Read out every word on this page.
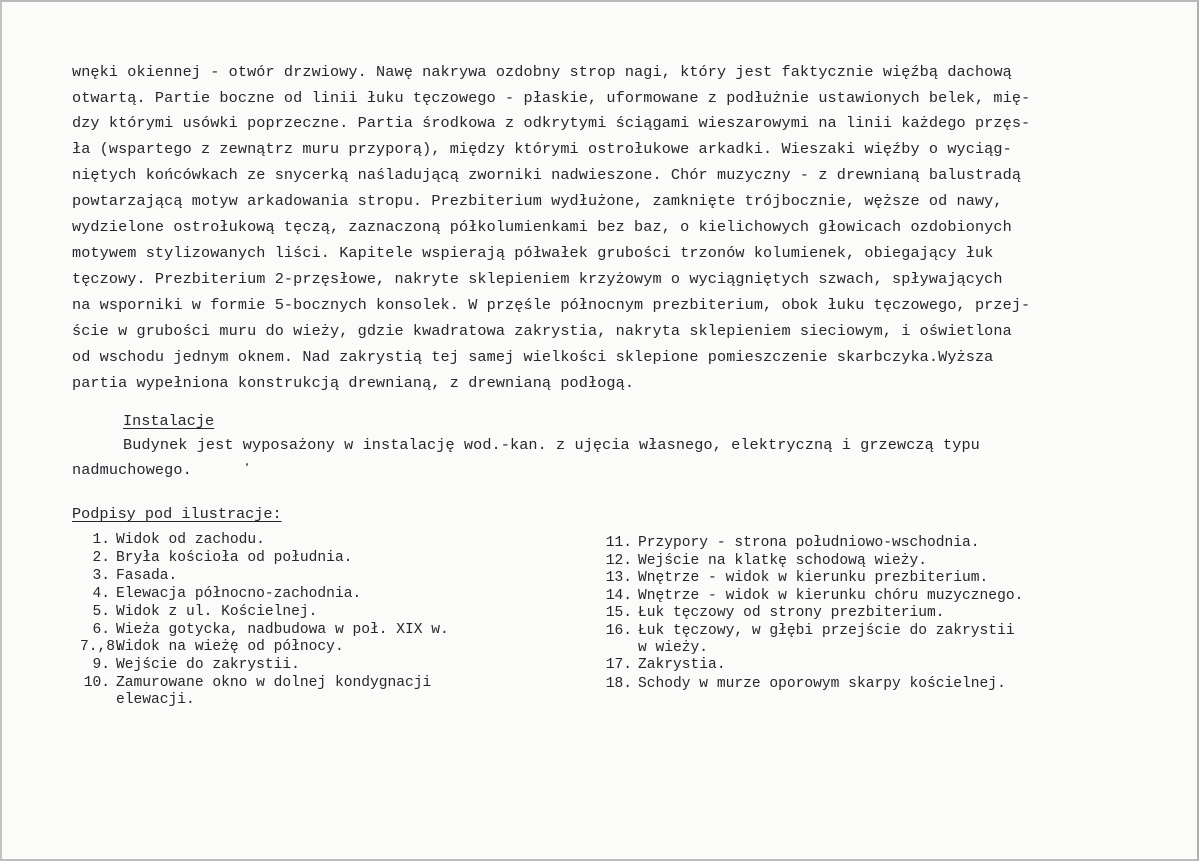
wnęki okiennej - otwór drzwiowy. Nawę nakrywa ozdobny strop nagi, który jest faktycznie więźbą dachową
otwartą. Partie boczne od linii łuku tęczowego - płaskie, uformowane z podłużnie ustawionych belek, mię-
dzy którymi usówki poprzeczne. Partia środkowa z odkrytymi ściągami wieszarowymi na linii każdego przęs-
ła (wspartego z zewnątrz muru przyporą), między którymi ostrołukowe arkadki. Wieszaki więźby o wyciąg-
niętych końcówkach ze snycerką naśladującą zworniki nadwieszone. Chór muzyczny - z drewnianą balustradą
powtarzającą motyw arkadowania stropu. Prezbiterium wydłużone, zamknięte trójbocznie, węższe od nawy,
wydzielone ostrołukową tęczą, zaznaczoną półkolumienkami bez baz, o kielichowych głowicach ozdobionych
motywem stylizowanych liści. Kapitele wspierają półwałek grubości trzonów kolumienek, obiegający łuk
tęczowy. Prezbiterium 2-przęsłowe, nakryte sklepieniem krzyżowym o wyciągniętych szwach, spływających
na wsporniki w formie 5-bocznych konsolek. W przęśle północnym prezbiterium, obok łuku tęczowego, przej-
ście w grubości muru do wieży, gdzie kwadratowa zakrystia, nakryta sklepieniem sieciowym, i oświetlona
od wschodu jednym oknem. Nad zakrystią tej samej wielkości sklepione pomieszczenie skarbczyka.Wyższa
partia wypełniona konstrukcją drewnianą, z drewnianą podłogą.
Instalacje
Budynek jest wyposażony w instalację wod.-kan. z ujęcia własnego, elektryczną i grzewczą typu
nadmuchowego.
Podpisy pod ilustracje:
1. Widok od zachodu.
2. Bryła kościoła od południa.
3. Fasada.
4. Elewacja północno-zachodnia.
5. Widok z ul. Kościelnej.
6. Wieża gotycka, nadbudowa w poł. XIX w.
7.,8.Widok na wieżę od północy.
9. Wejście do zakrystii.
10. Zamurowane okno w dolnej kondygnacji
elewacji.
11. Przypory - strona południowo-wschodnia.
12. Wejście na klatkę schodową wieży.
13. Wnętrze - widok w kierunku prezbiterium.
14. Wnętrze - widok w kierunku chóru muzycznego.
15. Łuk tęczowy od strony prezbiterium.
16. Łuk tęczowy, w głębi przejście do zakrystii
w wieży.
17. Zakrystia.
18. Schody w murze oporowym skarpy kościelnej.
